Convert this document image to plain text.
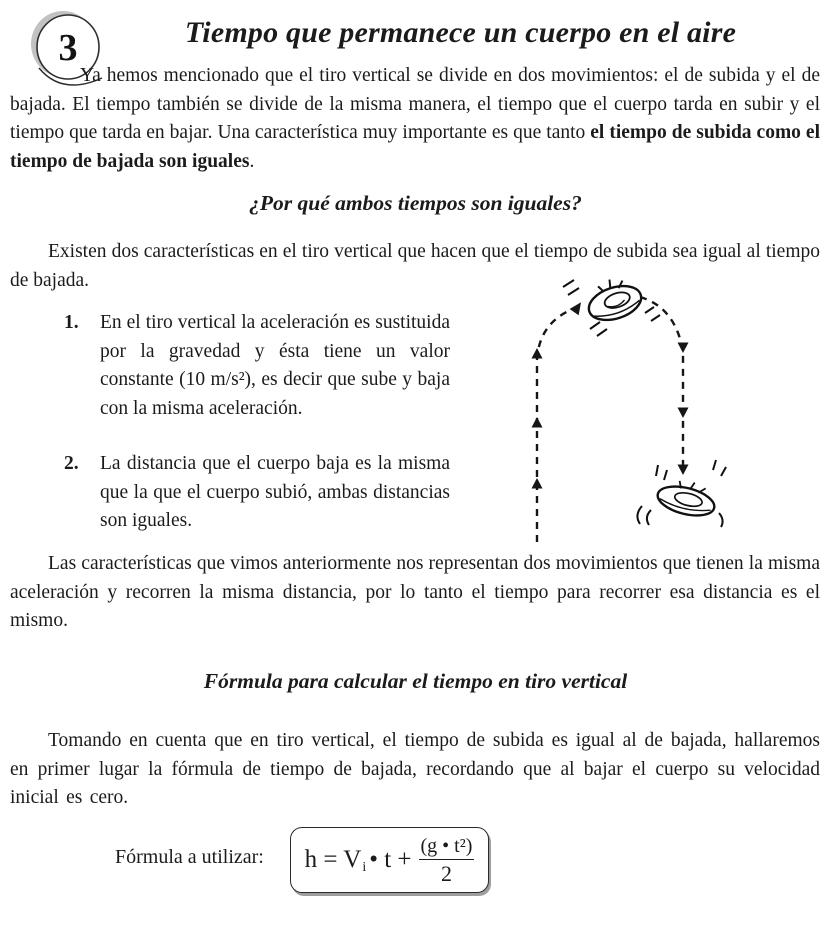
3	Tiempo que permanece un cuerpo en el aire

Ya hemos mencionado que el tiro vertical se divide en dos movimientos: el de subida y el de bajada. El tiempo también se divide de la misma manera, el tiempo que el cuerpo tarda en subir y el tiempo que tarda en bajar. Una característica muy importante es que tanto el tiempo de subida como el tiempo de bajada son iguales.

¿Por qué ambos tiempos son iguales?

Existen dos características en el tiro vertical que hacen que el tiempo de subida sea igual al tiempo de bajada.

1.	En el tiro vertical la aceleración es sustituida por la gravedad y ésta tiene un valor constante (10 m/s²), es decir que sube y baja con la misma aceleración.
2.	La distancia que el cuerpo baja es la misma que la que el cuerpo subió, ambas distancias son iguales.

Las características que vimos anteriormente nos representan dos movimientos que tienen la misma aceleración y recorren la misma distancia, por lo tanto el tiempo para recorrer esa distancia es el mismo.

Fórmula para calcular el tiempo en tiro vertical

Tomando en cuenta que en tiro vertical, el tiempo de subida es igual al de bajada, hallaremos en primer lugar la fórmula de tiempo de bajada, recordando que al bajar el cuerpo su velocidad inicial es cero.

Fórmula a utilizar: h = V i • $t + \frac{\text{(g • t²)}}{2}$
